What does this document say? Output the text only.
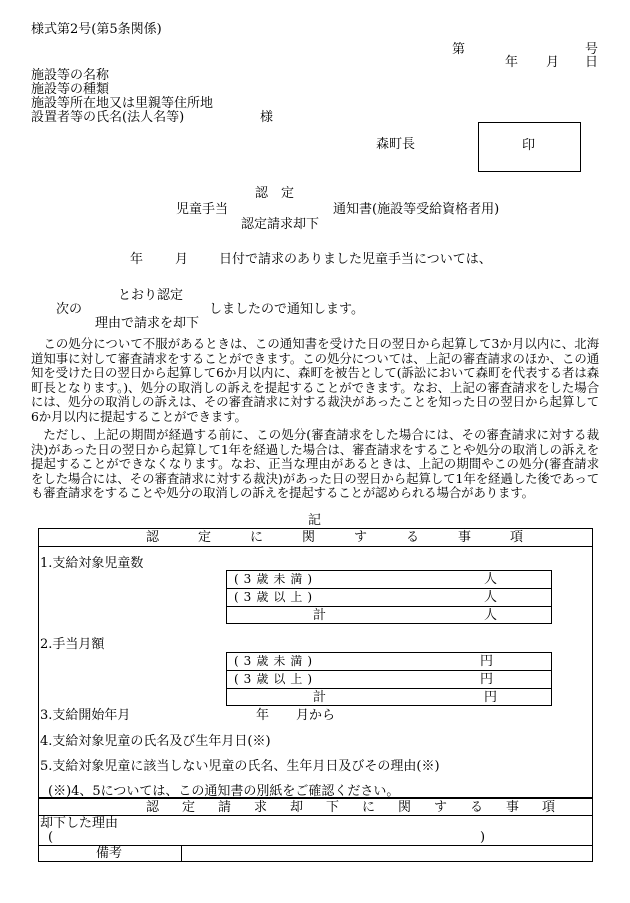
様式第2号(第5条関係)
第	号
年 月 日
施設等の名称
施設等の種類
施設等所在地又は里親等住所地
設置者等の氏名(法人名等)	様
森町長	印
認　定
児童手当	通知書(施設等受給資格者用)
認定請求却下
年 月 日付で請求のありました児童手当については、
とおり認定
次の	しましたので通知します。
理由で請求を却下
この処分について不服があるときは、この通知書を受けた日の翌日から起算して3か月以内に、北海道知事に対して審査請求をすることができます。この処分については、上記の審査請求のほか、この通知を受けた日の翌日から起算して6か月以内に、森町を被告として(訴訟において森町を代表する者は森町長となります。)、処分の取消しの訴えを提起することができます。なお、上記の審査請求をした場合には、処分の取消しの訴えは、その審査請求に対する裁決があったことを知った日の翌日から起算して6か月以内に提起することができます。
ただし、上記の期間が経過する前に、この処分(審査請求をした場合には、その審査請求に対する裁決)があった日の翌日から起算して1年を経過した場合は、審査請求をすることや処分の取消しの訴えを提起することができなくなります。なお、正当な理由があるときは、上記の期間やこの処分(審査請求をした場合には、その審査請求に対する裁決)があった日の翌日から起算して1年を経過した後であっても審査請求をすることや処分の取消しの訴えを提起することが認められる場合があります。
記
認　定　に　関　す　る　事　項
1.支給対象児童数
(3歳未満)	人
(3歳以上)	人
計	人
2.手当月額
(3歳未満)	円
(3歳以上)	円
計	円
3.支給開始年月	年 月から
4.支給対象児童の氏名及び生年月日(※)
5.支給対象児童に該当しない児童の氏名、生年月日及びその理由(※)
(※)4、5については、この通知書の別紙をご確認ください。
認　定　請　求　却　下　に　関　す　る　事　項
却下した理由
(	)
備考
